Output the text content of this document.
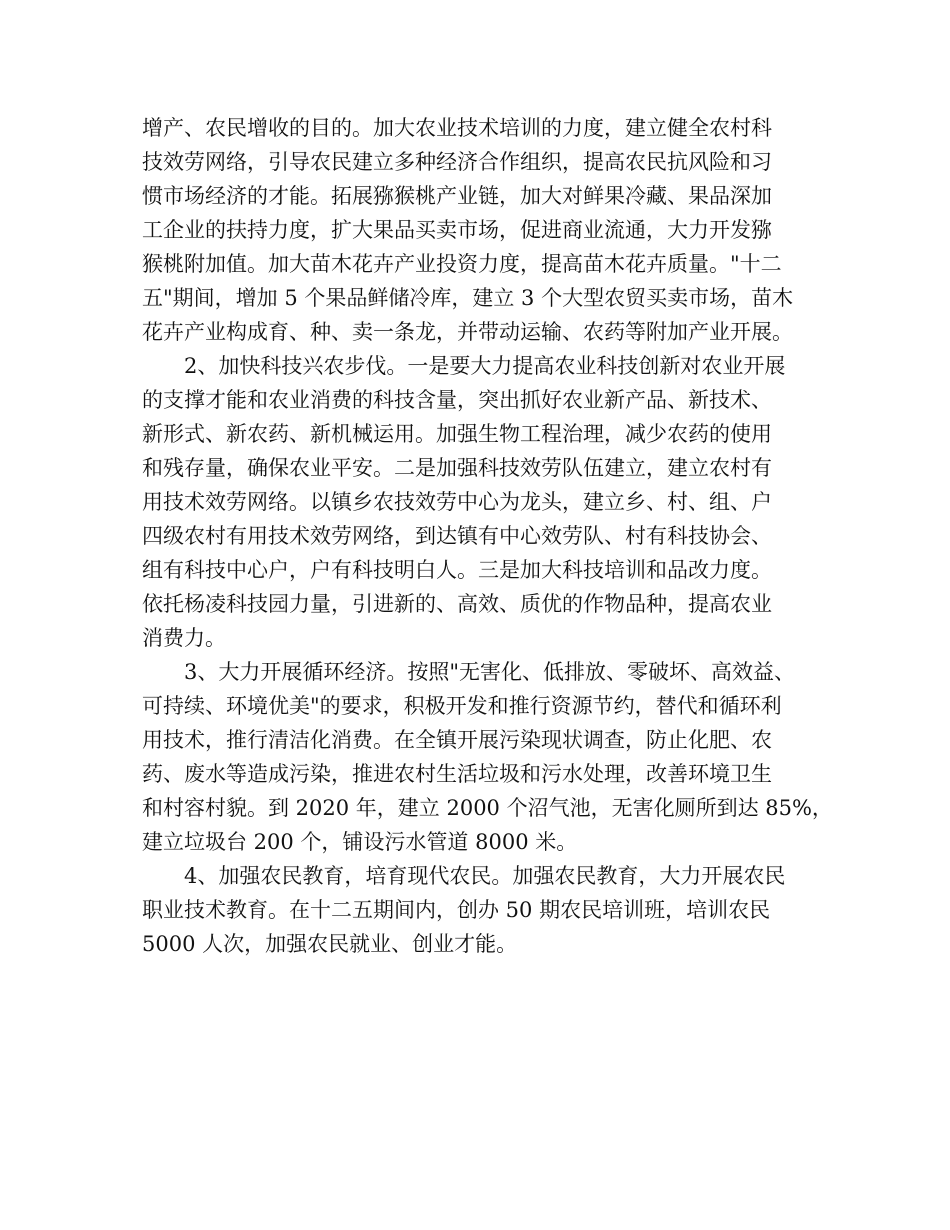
增产、农民增收的目的。加大农业技术培训的力度，建立健全农村科
技效劳网络，引导农民建立多种经济合作组织，提高农民抗风险和习
惯市场经济的才能。拓展猕猴桃产业链，加大对鲜果冷藏、果品深加
工企业的扶持力度，扩大果品买卖市场，促进商业流通，大力开发猕
猴桃附加值。加大苗木花卉产业投资力度，提高苗木花卉质量。"十二
五"期间，增加 5 个果品鲜储冷库，建立 3 个大型农贸买卖市场，苗木
花卉产业构成育、种、卖一条龙，并带动运输、农药等附加产业开展。
2、加快科技兴农步伐。一是要大力提高农业科技创新对农业开展
的支撑才能和农业消费的科技含量，突出抓好农业新产品、新技术、
新形式、新农药、新机械运用。加强生物工程治理，减少农药的使用
和残存量，确保农业平安。二是加强科技效劳队伍建立，建立农村有
用技术效劳网络。以镇乡农技效劳中心为龙头，建立乡、村、组、户
四级农村有用技术效劳网络，到达镇有中心效劳队、村有科技协会、
组有科技中心户，户有科技明白人。三是加大科技培训和品改力度。
依托杨凌科技园力量，引进新的、高效、质优的作物品种，提高农业
消费力。
3、大力开展循环经济。按照"无害化、低排放、零破坏、高效益、
可持续、环境优美"的要求，积极开发和推行资源节约，替代和循环利
用技术，推行清洁化消费。在全镇开展污染现状调查，防止化肥、农
药、废水等造成污染，推进农村生活垃圾和污水处理，改善环境卫生
和村容村貌。到 2020 年，建立 2000 个沼气池，无害化厕所到达 85%，
建立垃圾台 200 个，铺设污水管道 8000 米。
4、加强农民教育，培育现代农民。加强农民教育，大力开展农民
职业技术教育。在十二五期间内，创办 50 期农民培训班，培训农民
5000 人次，加强农民就业、创业才能。
